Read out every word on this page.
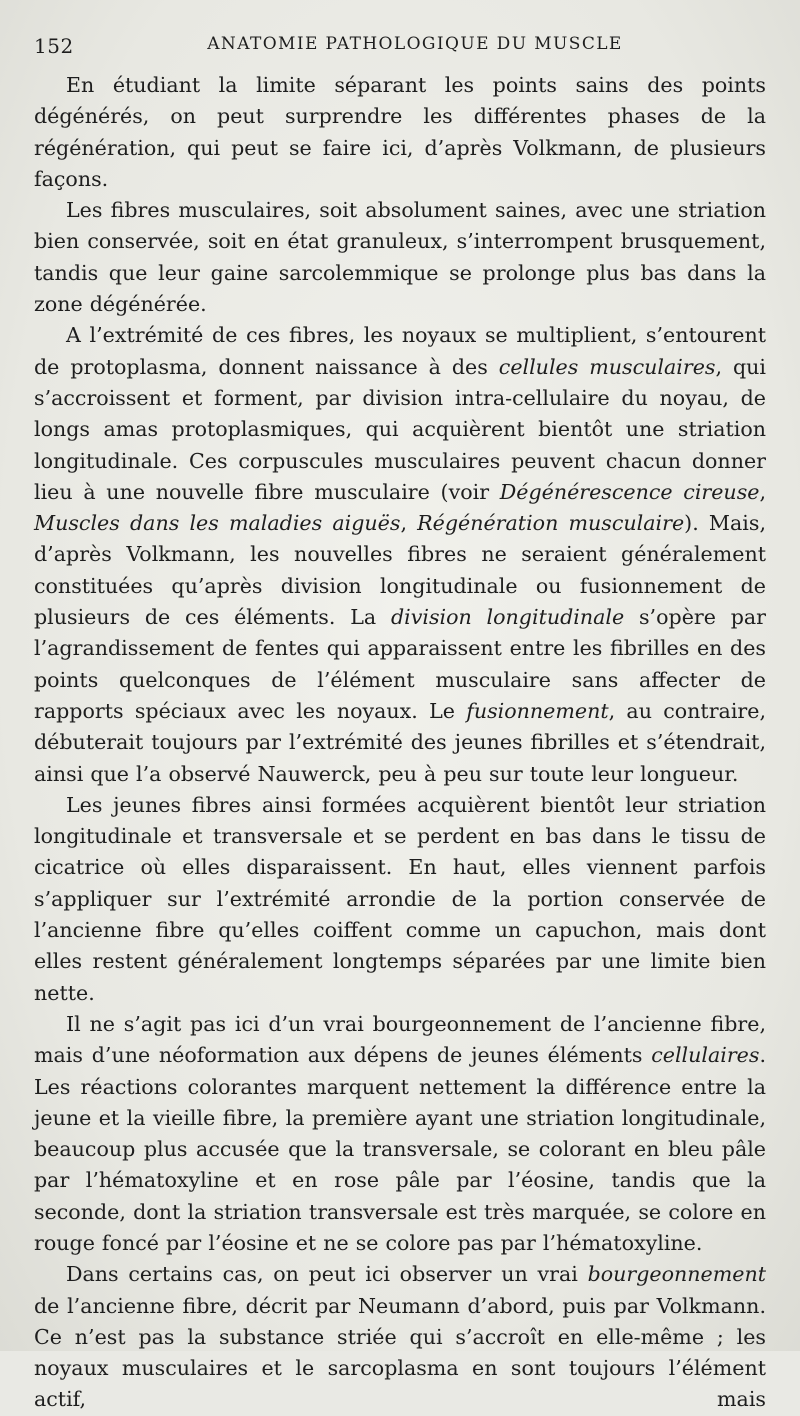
152	ANATOMIE PATHOLOGIQUE DU MUSCLE

En étudiant la limite séparant les points sains des points dégénérés, on peut surprendre les différentes phases de la régénération, qui peut se faire ici, d’après Volkmann, de plusieurs façons.

Les fibres musculaires, soit absolument saines, avec une striation bien conservée, soit en état granuleux, s’interrompent brusquement, tandis que leur gaine sarcolemmique se prolonge plus bas dans la zone dégénérée.

A l’extrémité de ces fibres, les noyaux se multiplient, s’entourent de protoplasma, donnent naissance à des cellules musculaires, qui s’accroissent et forment, par division intra-cellulaire du noyau, de longs amas protoplasmiques, qui acquièrent bientôt une striation longitudinale. Ces corpuscules musculaires peuvent chacun donner lieu à une nouvelle fibre musculaire (voir Dégénérescence cireuse, Muscles dans les maladies aiguës, Régénération musculaire). Mais, d’après Volkmann, les nouvelles fibres ne seraient généralement constituées qu’après division longitudinale ou fusionnement de plusieurs de ces éléments. La division longitudinale s’opère par l’agrandissement de fentes qui apparaissent entre les fibrilles en des points quelconques de l’élément musculaire sans affecter de rapports spéciaux avec les noyaux. Le fusionnement, au contraire, débuterait toujours par l’extrémité des jeunes fibrilles et s’étendrait, ainsi que l’a observé Nauwerck, peu à peu sur toute leur longueur.

Les jeunes fibres ainsi formées acquièrent bientôt leur striation longitudinale et transversale et se perdent en bas dans le tissu de cicatrice où elles disparaissent. En haut, elles viennent parfois s’appliquer sur l’extrémité arrondie de la portion conservée de l’ancienne fibre qu’elles coiffent comme un capuchon, mais dont elles restent généralement longtemps séparées par une limite bien nette.

Il ne s’agit pas ici d’un vrai bourgeonnement de l’ancienne fibre, mais d’une néoformation aux dépens de jeunes éléments cellulaires. Les réactions colorantes marquent nettement la différence entre la jeune et la vieille fibre, la première ayant une striation longitudinale, beaucoup plus accusée que la transversale, se colorant en bleu pâle par l’hématoxyline et en rose pâle par l’éosine, tandis que la seconde, dont la striation transversale est très marquée, se colore en rouge foncé par l’éosine et ne se colore pas par l’hématoxyline.

Dans certains cas, on peut ici observer un vrai bourgeonnement de l’ancienne fibre, décrit par Neumann d’abord, puis par Volkmann. Ce n’est pas la substance striée qui s’accroît en elle-même ; les noyaux musculaires et le sarcoplasma en sont toujours l’élément actif, mais
